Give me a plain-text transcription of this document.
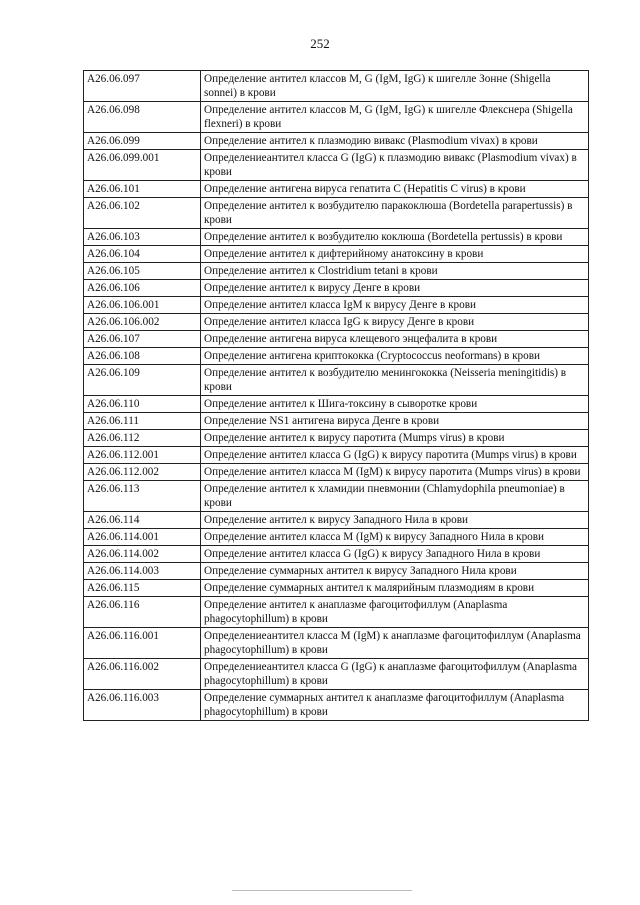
252
A26.06.097	Определение антител классов M, G (IgM, IgG) к шигелле Зонне (Shigella sonnei) в крови
A26.06.098	Определение антител классов M, G (IgM, IgG) к шигелле Флекснера (Shigella flexneri) в крови
A26.06.099	Определение антител к плазмодию вивакс (Plasmodium vivax) в крови
A26.06.099.001	Определениеантител класса G (IgG) к плазмодию вивакс (Plasmodium vivax) в крови
A26.06.101	Определение антигена вируса гепатита С (Hepatitis C virus) в крови
A26.06.102	Определение антител к возбудителю паракоклюша (Bordetella parapertussis) в крови
A26.06.103	Определение антител к возбудителю коклюша (Bordetella pertussis) в крови
A26.06.104	Определение антител к дифтерийному анатоксину в крови
A26.06.105	Определение антител к Clostridium tetani в крови
A26.06.106	Определение антител к вирусу Денге в крови
A26.06.106.001	Определение антител класса IgM к вирусу Денге в крови
A26.06.106.002	Определение антител класса IgG к вирусу Денге в крови
A26.06.107	Определение антигена вируса клещевого энцефалита в крови
A26.06.108	Определение антигена криптококка (Cryptococcus neoformans) в крови
A26.06.109	Определение антител к возбудителю менингококка (Neisseria meningitidis) в крови
A26.06.110	Определение антител к Шига-токсину в сыворотке крови
A26.06.111	Определение NS1 антигена вируса Денге в крови
A26.06.112	Определение антител к вирусу паротита (Mumps virus) в крови
A26.06.112.001	Определение антител класса G (IgG) к вирусу паротита (Mumps virus) в крови
A26.06.112.002	Определение антител класса M (IgM) к вирусу паротита (Mumps virus) в крови
A26.06.113	Определение антител к хламидии пневмонии (Chlamydophila pneumoniae) в крови
A26.06.114	Определение антител к вирусу Западного Нила в крови
A26.06.114.001	Определение антител класса M (IgM) к вирусу Западного Нила в крови
A26.06.114.002	Определение антител класса G (IgG) к вирусу Западного Нила в крови
A26.06.114.003	Определение суммарных антител к вирусу Западного Нила крови
A26.06.115	Определение суммарных антител к малярийным плазмодиям в крови
A26.06.116	Определение антител к анаплазме фагоцитофиллум (Anaplasma phagocytophillum) в крови
A26.06.116.001	Определениеантител класса M (IgM) к анаплазме фагоцитофиллум (Anaplasma phagocytophillum) в крови
A26.06.116.002	Определениеантител класса G (IgG) к анаплазме фагоцитофиллум (Anaplasma phagocytophillum) в крови
A26.06.116.003	Определение суммарных антител к анаплазме фагоцитофиллум (Anaplasma phagocytophillum) в крови
